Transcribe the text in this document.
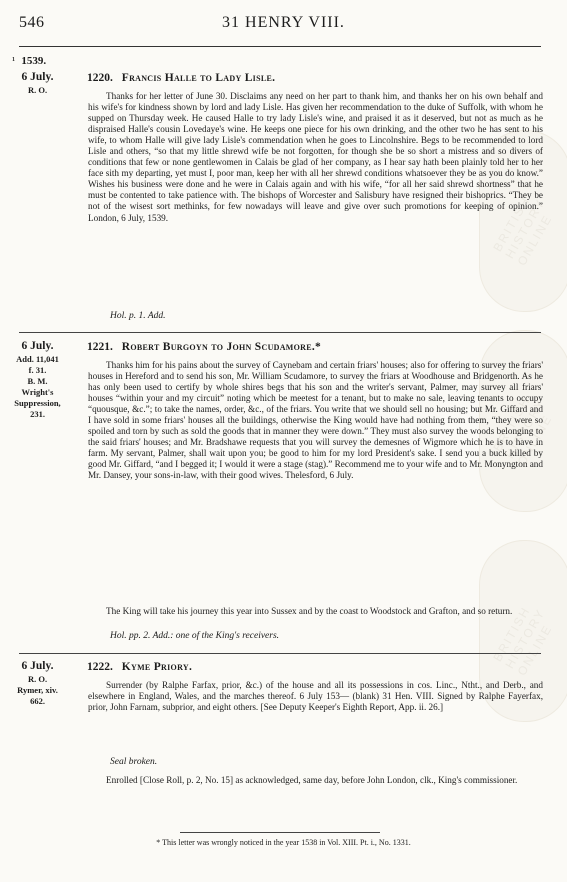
BRITISH HISTORY ONLINE
BRITISH HISTORY ONLINE
BRITISH HISTORY ONLINE
546	31 HENRY VIII.
¹ 1539.
6 July.
R. O.
1220. Francis Halle to Lady Lisle.

Thanks for her letter of June 30. Disclaims any need on her part to thank him, and thanks her on his own behalf and his wife's for kindness shown by lord and lady Lisle. Has given her recommendation to the duke of Suffolk, with whom he supped on Thursday week. He caused Halle to try lady Lisle's wine, and praised it as it deserved, but not as much as he dispraised Halle's cousin Lovedaye's wine. He keeps one piece for his own drinking, and the other two he has sent to his wife, to whom Halle will give lady Lisle's commendation when he goes to Lincolnshire. Begs to be recommended to lord Lisle and others, “so that my little shrewd wife be not forgotten, for though she be so short a mistress and so divers of conditions that few or none gentlewomen in Calais be glad of her company, as I hear say hath been plainly told her to her face sith my departing, yet must I, poor man, keep her with all her shrewd conditions whatsoever they be as you do know.” Wishes his business were done and he were in Calais again and with his wife, “for all her said shrewd shortness” that he must be contented to take patience with. The bishops of Worcester and Salisbury have resigned their bishoprics. “They be not of the wisest sort methinks, for few nowadays will leave and give over such promotions for keeping of opinion.” London, 6 July, 1539.

Hol. p. 1. Add.
6 July.
Add. 11,041
f. 31.
B. M.
Wright's
Suppression,
231.
1221. Robert Burgoyn to John Scudamore.*

Thanks him for his pains about the survey of Caynebam and certain friars' houses; also for offering to survey the friars' houses in Hereford and to send his son, Mr. William Scudamore, to survey the friars at Woodhouse and Bridgenorth. As he has only been used to certify by whole shires begs that his son and the writer's servant, Palmer, may survey all friars' houses “within your and my circuit” noting which be meetest for a tenant, but to make no sale, leaving tenants to occupy “quousque, &c.”; to take the names, order, &c., of the friars. You write that we should sell no housing; but Mr. Giffard and I have sold in some friars' houses all the buildings, otherwise the King would have had nothing from them, “they were so spoiled and torn by such as sold the goods that in manner they were down.” They must also survey the woods belonging to the said friars' houses; and Mr. Bradshawe requests that you will survey the demesnes of Wigmore which he is to have in farm. My servant, Palmer, shall wait upon you; be good to him for my lord President's sake. I send you a buck killed by good Mr. Giffard, “and I begged it; I would it were a stage (stag).” Recommend me to your wife and to Mr. Monyngton and Mr. Dansey, your sons-in-law, with their good wives. Thelesford, 6 July.

The King will take his journey this year into Sussex and by the coast to Woodstock and Grafton, and so return.

Hol. pp. 2. Add.: one of the King's receivers.
6 July.
R. O.
Rymer, xiv.
662.
1222. Kyme Priory.

Surrender (by Ralphe Farfax, prior, &c.) of the house and all its possessions in cos. Linc., Ntht., and Derb., and elsewhere in England, Wales, and the marches thereof. 6 July 153— (blank) 31 Hen. VIII. Signed by Ralphe Fayerfax, prior, John Farnam, subprior, and eight others. [See Deputy Keeper's Eighth Report, App. ii. 26.]

Seal broken.

Enrolled [Close Roll, p. 2, No. 15] as acknowledged, same day, before John London, clk., King's commissioner.

* This letter was wrongly noticed in the year 1538 in Vol. XIII. Pt. i., No. 1331.
